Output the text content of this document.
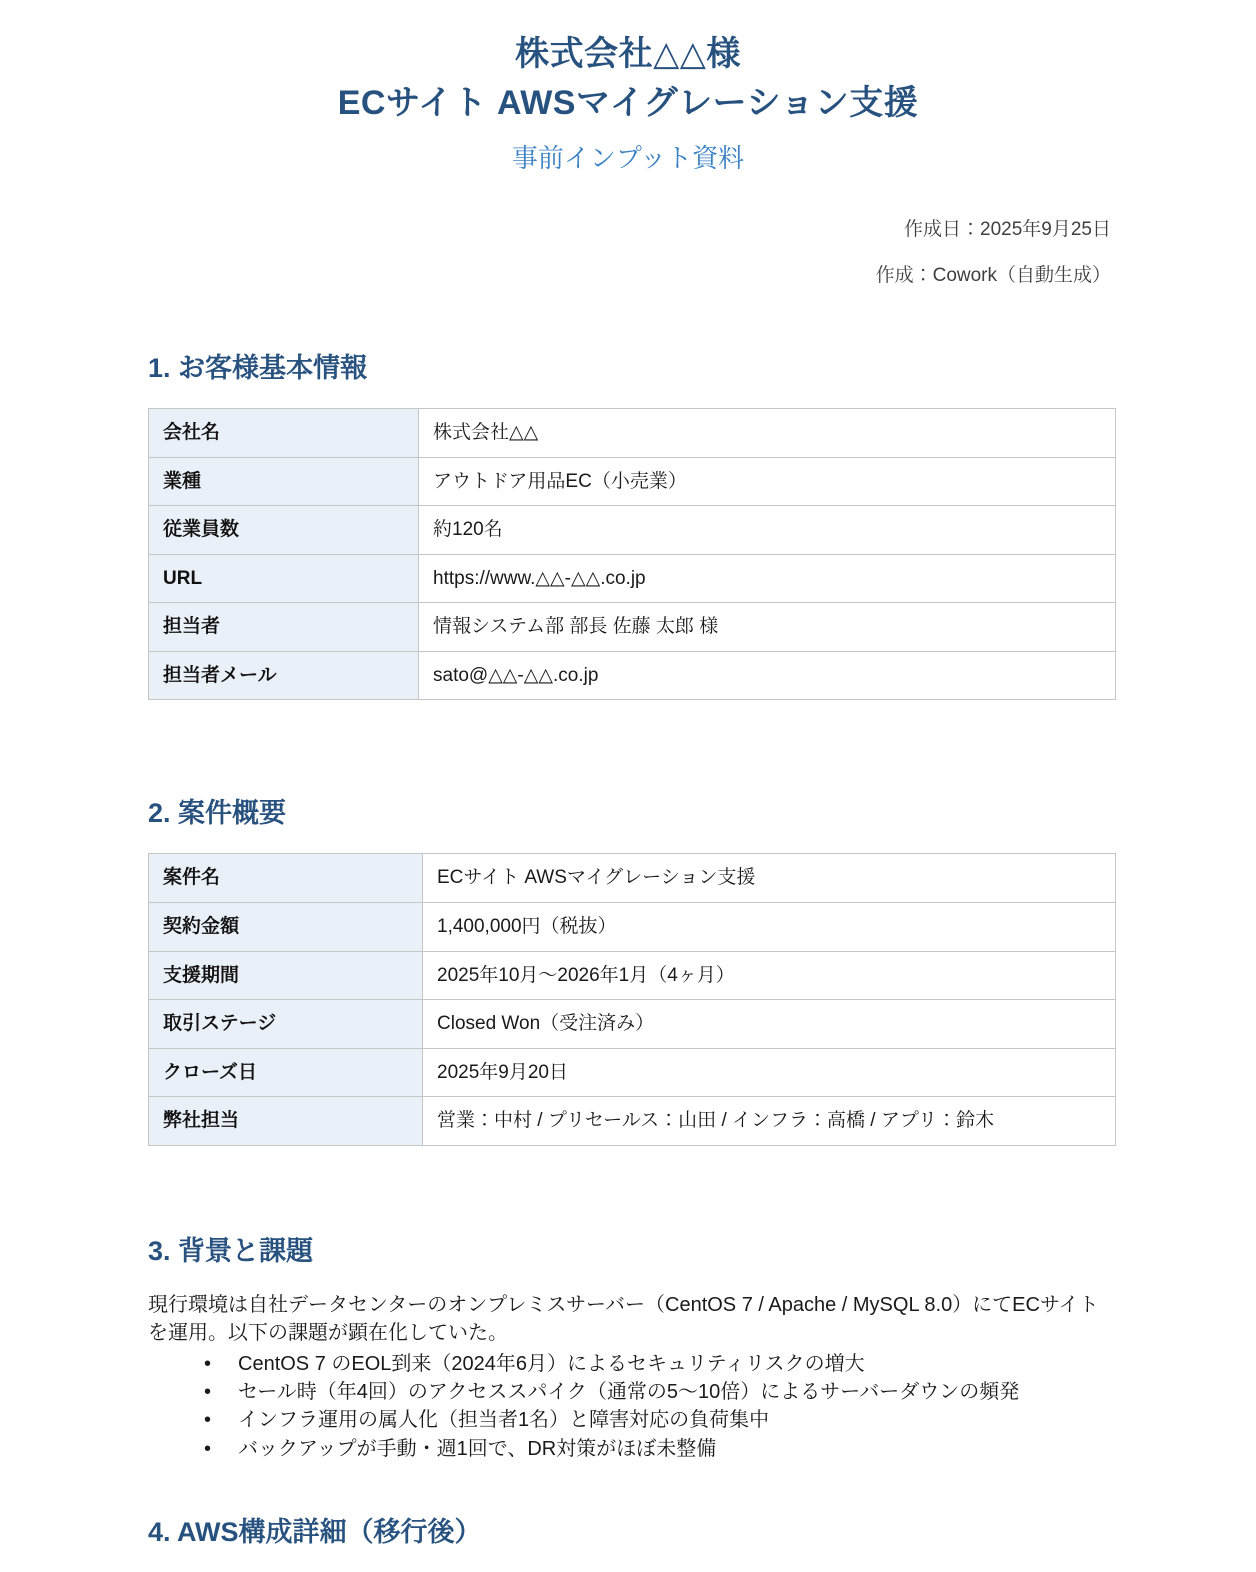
株式会社△△様
ECサイト AWSマイグレーション支援
事前インプット資料
作成日：2025年9月25日
作成：Cowork（自動生成）
1. お客様基本情報
会社名	株式会社△△
業種	アウトドア用品EC（小売業）
従業員数	約120名
URL	https://www.△△-△△.co.jp
担当者	情報システム部 部長 佐藤 太郎 様
担当者メール	sato@△△-△△.co.jp
2. 案件概要
案件名	ECサイト AWSマイグレーション支援
契約金額	1,400,000円（税抜）
支援期間	2025年10月〜2026年1月（4ヶ月）
取引ステージ	Closed Won（受注済み）
クローズ日	2025年9月20日
弊社担当	営業：中村 / プリセールス：山田 / インフラ：高橋 / アプリ：鈴木
3. 背景と課題

現行環境は自社データセンターのオンプレミスサーバー（CentOS 7 / Apache / MySQL 8.0）にてECサイトを運用。以下の課題が顕在化していた。

• CentOS 7 のEOL到来（2024年6月）によるセキュリティリスクの増大
• セール時（年4回）のアクセススパイク（通常の5〜10倍）によるサーバーダウンの頻発
• インフラ運用の属人化（担当者1名）と障害対応の負荷集中
• バックアップが手動・週1回で、DR対策がほぼ未整備
4. AWS構成詳細（移行後）
